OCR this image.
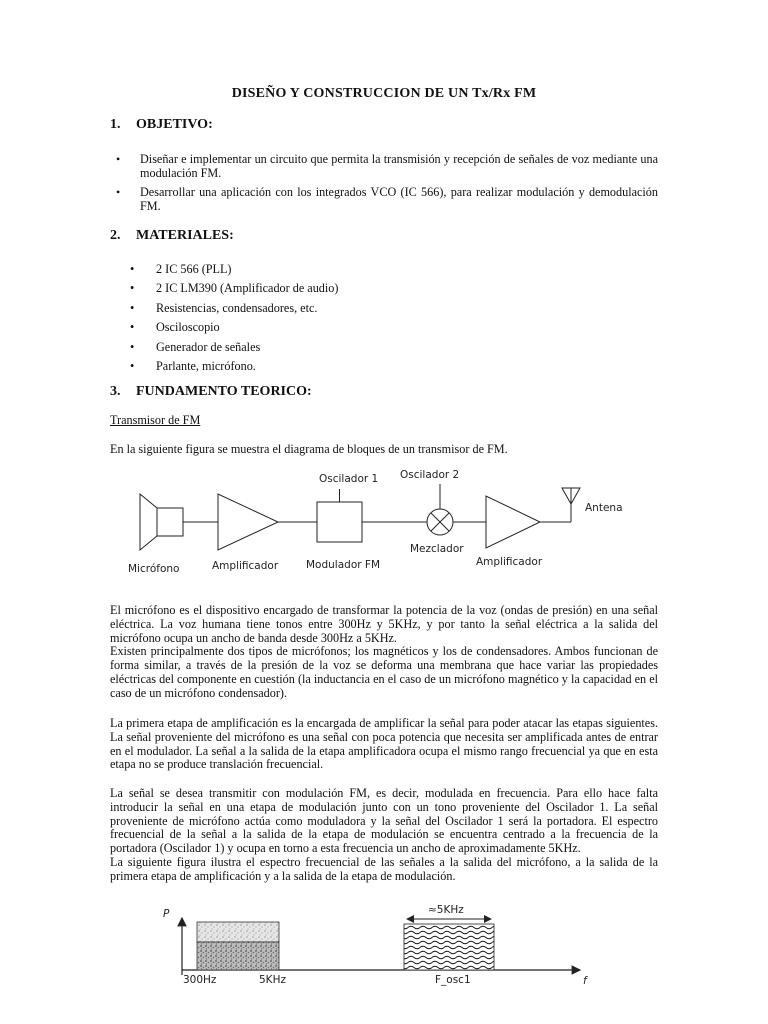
DISEÑO Y CONSTRUCCION DE UN Tx/Rx FM
1. OBJETIVO:
• Diseñar e implementar un circuito que permita la transmisión y recepción de señales de voz mediante una modulación FM.
• Desarrollar una aplicación con los integrados VCO (IC 566), para realizar modulación y demodulación FM.
2. MATERIALES:
• 2 IC 566 (PLL)
• 2 IC LM390 (Amplificador de audio)
• Resistencias, condensadores, etc.
• Osciloscopio
• Generador de señales
• Parlante, micrófono.
3. FUNDAMENTO TEORICO:
Transmisor de FM

En la siguiente figura se muestra el diagrama de bloques de un transmisor de FM.

Oscilador 1 Oscilador 2
Antena
Mezclador
Micrófono	Amplificador	Modulador FM	Amplificador

El micrófono es el dispositivo encargado de transformar la potencia de la voz (ondas de presión) en una señal eléctrica. La voz humana tiene tonos entre 300Hz y 5KHz, y por tanto la señal eléctrica a la salida del micrófono ocupa un ancho de banda desde 300Hz a 5KHz.

Existen principalmente dos tipos de micrófonos; los magnéticos y los de condensadores. Ambos funcionan de forma similar, a través de la presión de la voz se deforma una membrana que hace variar las propiedades eléctricas del componente en cuestión (la inductancia en el caso de un micrófono magnético y la capacidad en el caso de un micrófono condensador).

La primera etapa de amplificación es la encargada de amplificar la señal para poder atacar las etapas siguientes. La señal proveniente del micrófono es una señal con poca potencia que necesita ser amplificada antes de entrar en el modulador. La señal a la salida de la etapa amplificadora ocupa el mismo rango frecuencial ya que en esta etapa no se produce translación frecuencial.

La señal se desea transmitir con modulación FM, es decir, modulada en frecuencia. Para ello hace falta introducir la señal en una etapa de modulación junto con un tono proveniente del Oscilador 1. La señal proveniente de micrófono actúa como moduladora y la señal del Oscilador 1 será la portadora. El espectro frecuencial de la señal a la salida de la etapa de modulación se encuentra centrado a la frecuencia de la portadora (Oscilador 1) y ocupa en torno a esta frecuencia un ancho de aproximadamente 5KHz.

La siguiente figura ilustra el espectro frecuencial de las señales a la salida del micrófono, a la salida de la primera etapa de amplificación y a la salida de la etapa de modulación.

P
f
≈5KHz
300Hz	5KHz	F_osc1
